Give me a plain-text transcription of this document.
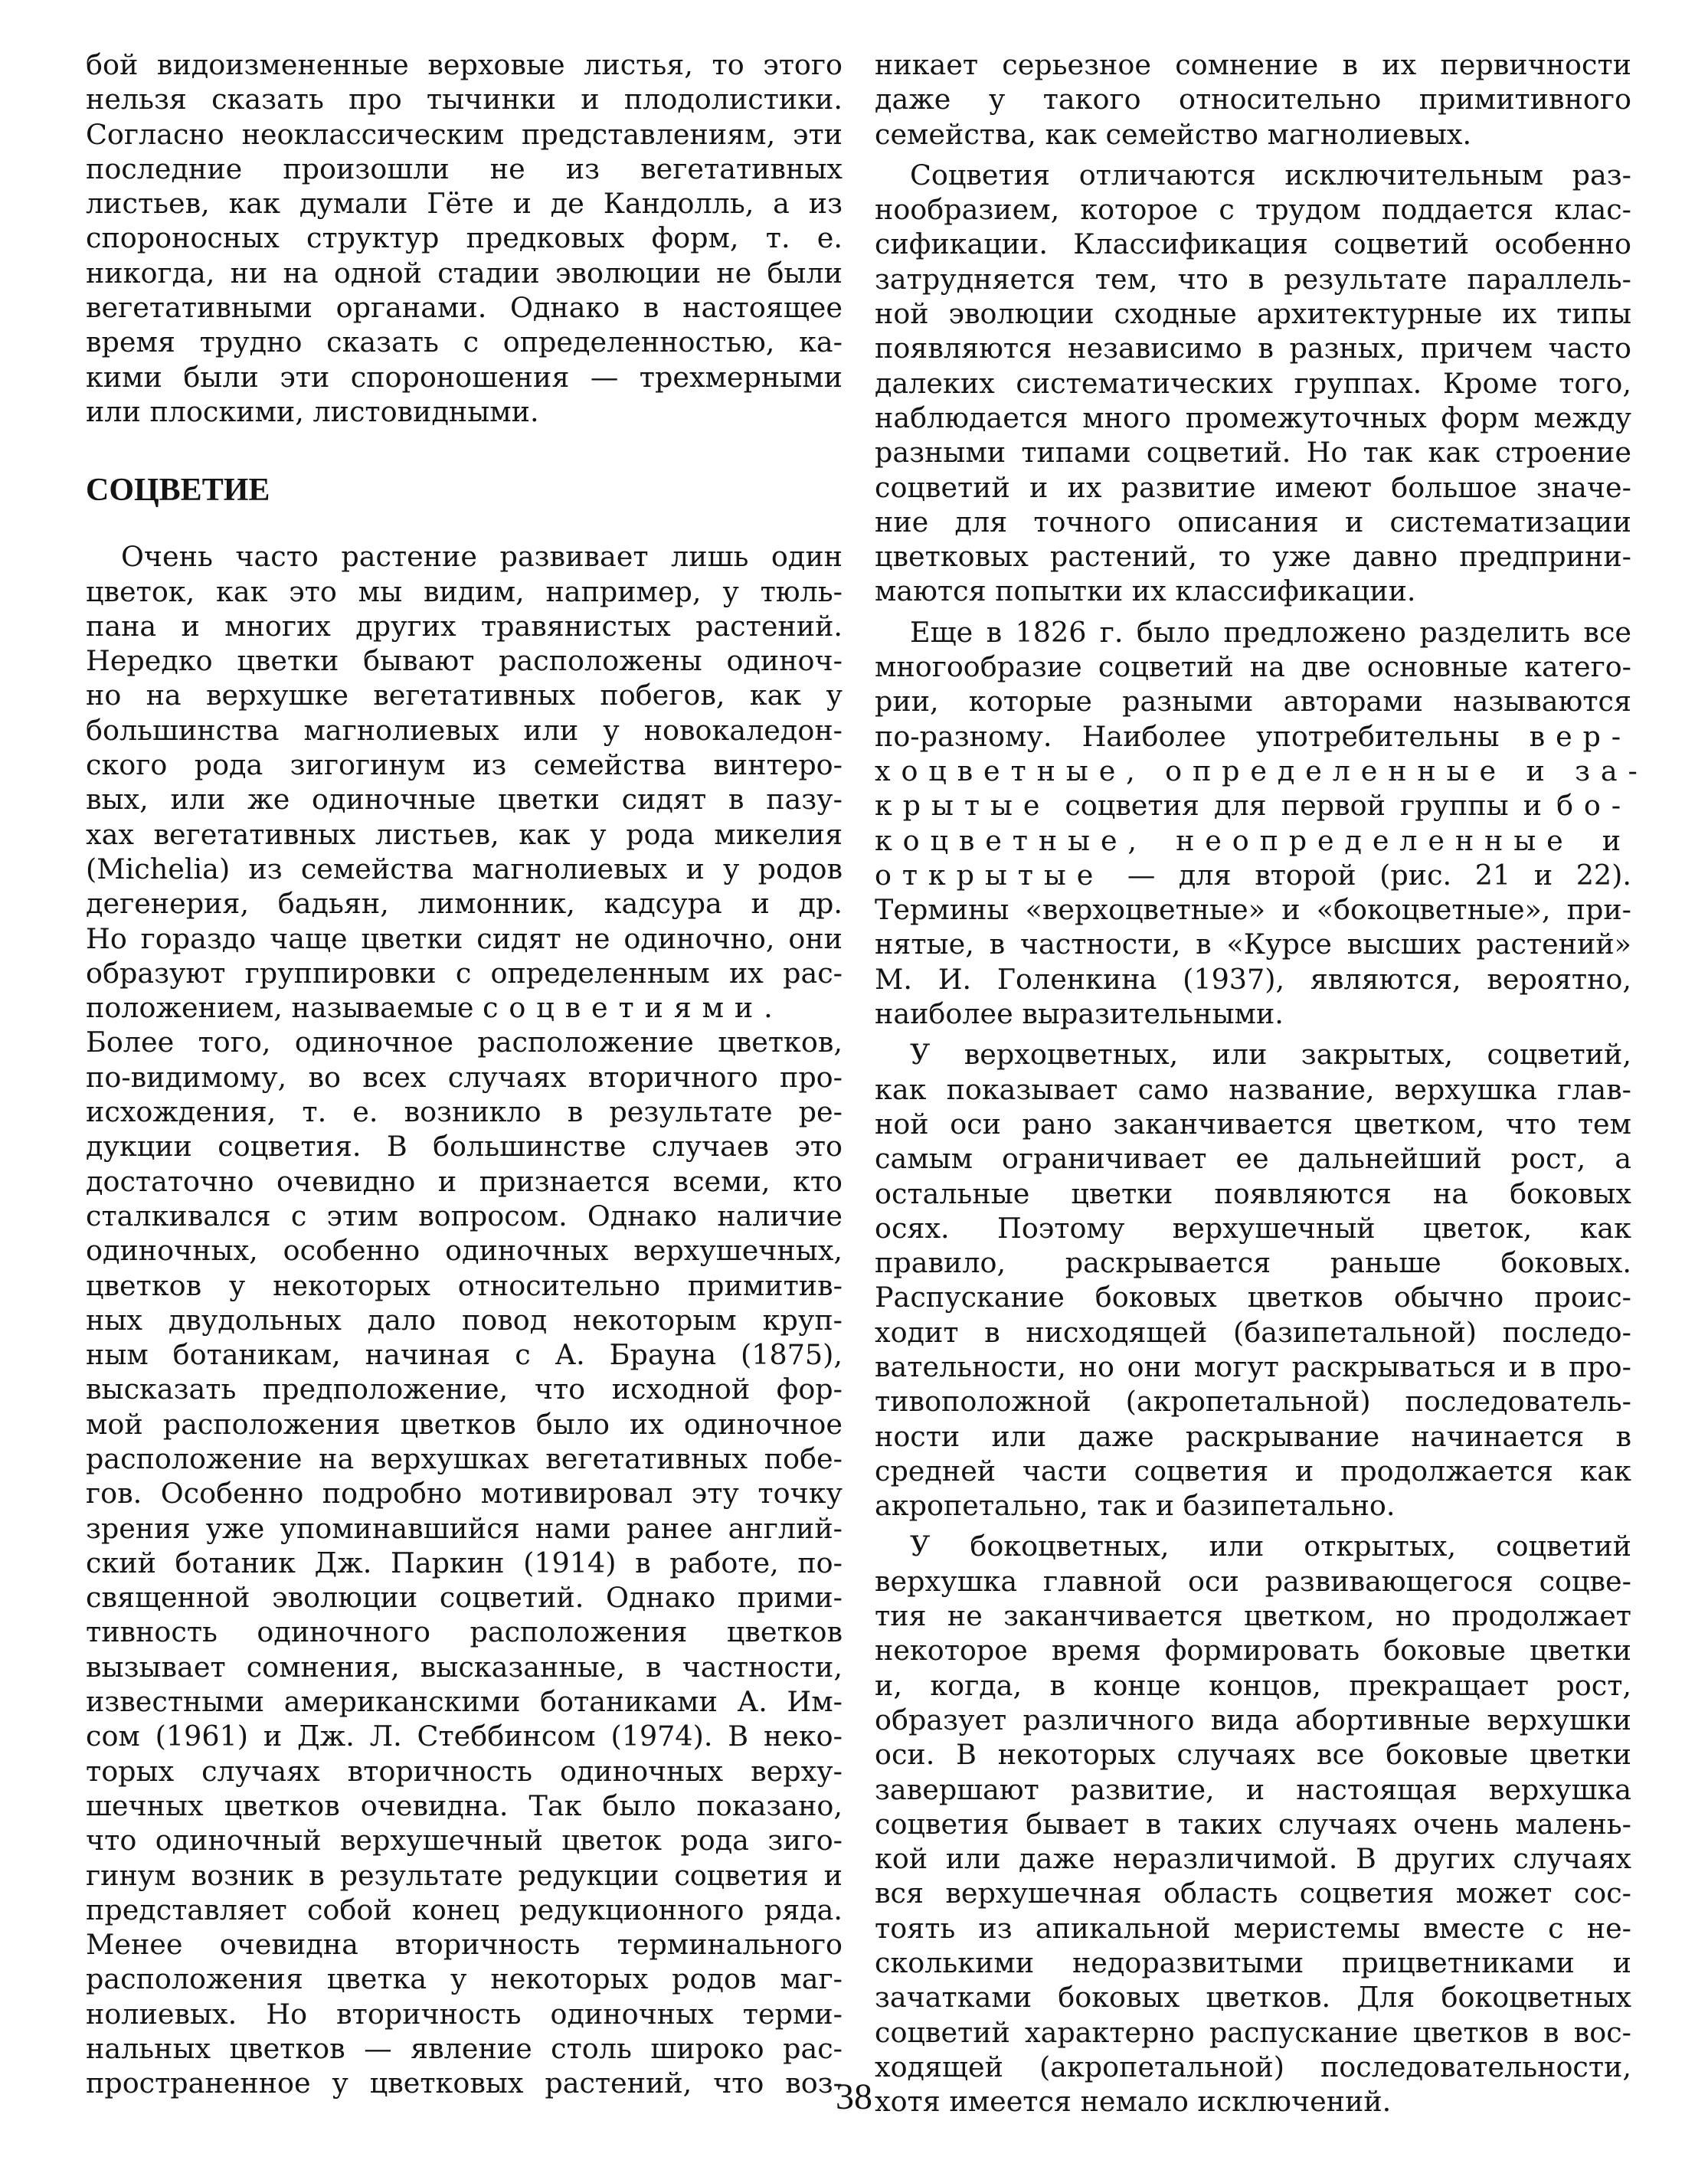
бой видоизмененные верховые листья, то этого
нельзя сказать про тычинки и плодолистики.
Согласно неоклассическим представлениям, эти
последние произошли не из вегетативных
листьев, как думали Гёте и де Кандолль, а из
спороносных структур предковых форм, т. е.
никогда, ни на одной стадии эволюции не были
вегетативными органами. Однако в настоящее
время трудно сказать с определенностью, ка-
кими были эти спороношения — трехмерными
или плоскими, листовидными.
СОЦВЕТИЕ
Очень часто растение развивает лишь один
цветок, как это мы видим, например, у тюль-
пана и многих других травянистых растений.
Нередко цветки бывают расположены одиноч-
но на верхушке вегетативных побегов, как у
большинства магнолиевых или у новокаледон-
ского рода зигогинум из семейства винтеро-
вых, или же одиночные цветки сидят в пазу-
хах вегетативных листьев, как у рода микелия
(Michelia) из семейства магнолиевых и у родов
дегенерия, бадьян, лимонник, кадсура и др.
Но гораздо чаще цветки сидят не одиночно, они
образуют группировки с определенным их рас-
положением, называемые соцветиями.
Более того, одиночное расположение цветков,
по-видимому, во всех случаях вторичного про-
исхождения, т. е. возникло в результате ре-
дукции соцветия. В большинстве случаев это
достаточно очевидно и признается всеми, кто
сталкивался с этим вопросом. Однако наличие
одиночных, особенно одиночных верхушечных,
цветков у некоторых относительно примитив-
ных двудольных дало повод некоторым круп-
ным ботаникам, начиная с А. Брауна (1875),
высказать предположение, что исходной фор-
мой расположения цветков было их одиночное
расположение на верхушках вегетативных побе-
гов. Особенно подробно мотивировал эту точку
зрения уже упоминавшийся нами ранее англий-
ский ботаник Дж. Паркин (1914) в работе, по-
священной эволюции соцветий. Однако прими-
тивность одиночного расположения цветков
вызывает сомнения, высказанные, в частности,
известными американскими ботаниками А. Им-
сом (1961) и Дж. Л. Стеббинсом (1974). В неко-
торых случаях вторичность одиночных верху-
шечных цветков очевидна. Так было показано,
что одиночный верхушечный цветок рода зиго-
гинум возник в результате редукции соцветия и
представляет собой конец редукционного ряда.
Менее очевидна вторичность терминального
расположения цветка у некоторых родов маг-
нолиевых. Но вторичность одиночных терми-
нальных цветков — явление столь широко рас-
пространенное у цветковых растений, что воз-
никает серьезное сомнение в их первичности
даже у такого относительно примитивного
семейства, как семейство магнолиевых.
Соцветия отличаются исключительным раз-
нообразием, которое с трудом поддается клас-
сификации. Классификация соцветий особенно
затрудняется тем, что в результате параллель-
ной эволюции сходные архитектурные их типы
появляются независимо в разных, причем часто
далеких систематических группах. Кроме того,
наблюдается много промежуточных форм между
разными типами соцветий. Но так как строение
соцветий и их развитие имеют большое значе-
ние для точного описания и систематизации
цветковых растений, то уже давно предприни-
маются попытки их классификации.
Еще в 1826 г. было предложено разделить все
многообразие соцветий на две основные катего-
рии, которые разными авторами называются
по-разному. Наиболее употребительны вер-
хоцветные, определенные и за-
крытые соцветия для первой группы и бо-
коцветные, неопределенные и
открытые — для второй (рис. 21 и 22).
Термины «верхоцветные» и «бокоцветные», при-
нятые, в частности, в «Курсе высших растений»
М. И. Голенкина (1937), являются, вероятно,
наиболее выразительными.
У верхоцветных, или закрытых, соцветий,
как показывает само название, верхушка глав-
ной оси рано заканчивается цветком, что тем
самым ограничивает ее дальнейший рост, а
остальные цветки появляются на боковых
осях. Поэтому верхушечный цветок, как
правило, раскрывается раньше боковых.
Распускание боковых цветков обычно проис-
ходит в нисходящей (базипетальной) последо-
вательности, но они могут раскрываться и в про-
тивоположной (акропетальной) последователь-
ности или даже раскрывание начинается в
средней части соцветия и продолжается как
акропетально, так и базипетально.
У бокоцветных, или открытых, соцветий
верхушка главной оси развивающегося соцве-
тия не заканчивается цветком, но продолжает
некоторое время формировать боковые цветки
и, когда, в конце концов, прекращает рост,
образует различного вида абортивные верхушки
оси. В некоторых случаях все боковые цветки
завершают развитие, и настоящая верхушка
соцветия бывает в таких случаях очень малень-
кой или даже неразличимой. В других случаях
вся верхушечная область соцветия может сос-
тоять из апикальной меристемы вместе с не-
сколькими недоразвитыми прицветниками и
зачатками боковых цветков. Для бокоцветных
соцветий характерно распускание цветков в вос-
ходящей (акропетальной) последовательности,
хотя имеется немало исключений.
38
